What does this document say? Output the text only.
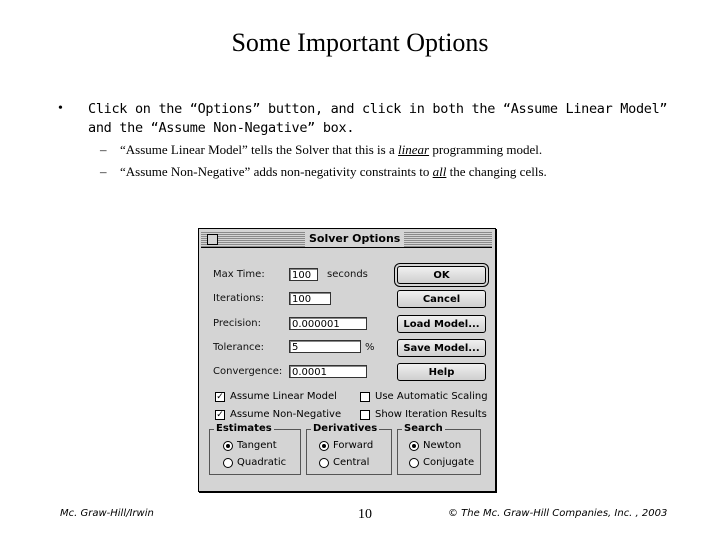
Some Important Options
• Click on the “Options” button, and click in both the “Assume Linear Model” and the “Assume Non-Negative” box.
– “Assume Linear Model” tells the Solver that this is a linear programming model.
– “Assume Non-Negative” adds non-negativity constraints to all the changing cells.
Solver Options
Max Time:	100	seconds
Iterations:	100
Precision:	0.000001
Tolerance:	5	%
Convergence: 0.0001
OK
Cancel
Load Model...
Save Model...
Help
✓ Assume Linear Model
✓ Assume Non-Negative
Use Automatic Scaling
Show Iteration Results
Estimates
Tangent
Quadratic
Derivatives
Forward
Central
Search
Newton
Conjugate
Mc. Graw-Hill/Irwin	10	© The Mc. Graw-Hill Companies, Inc. , 2003
